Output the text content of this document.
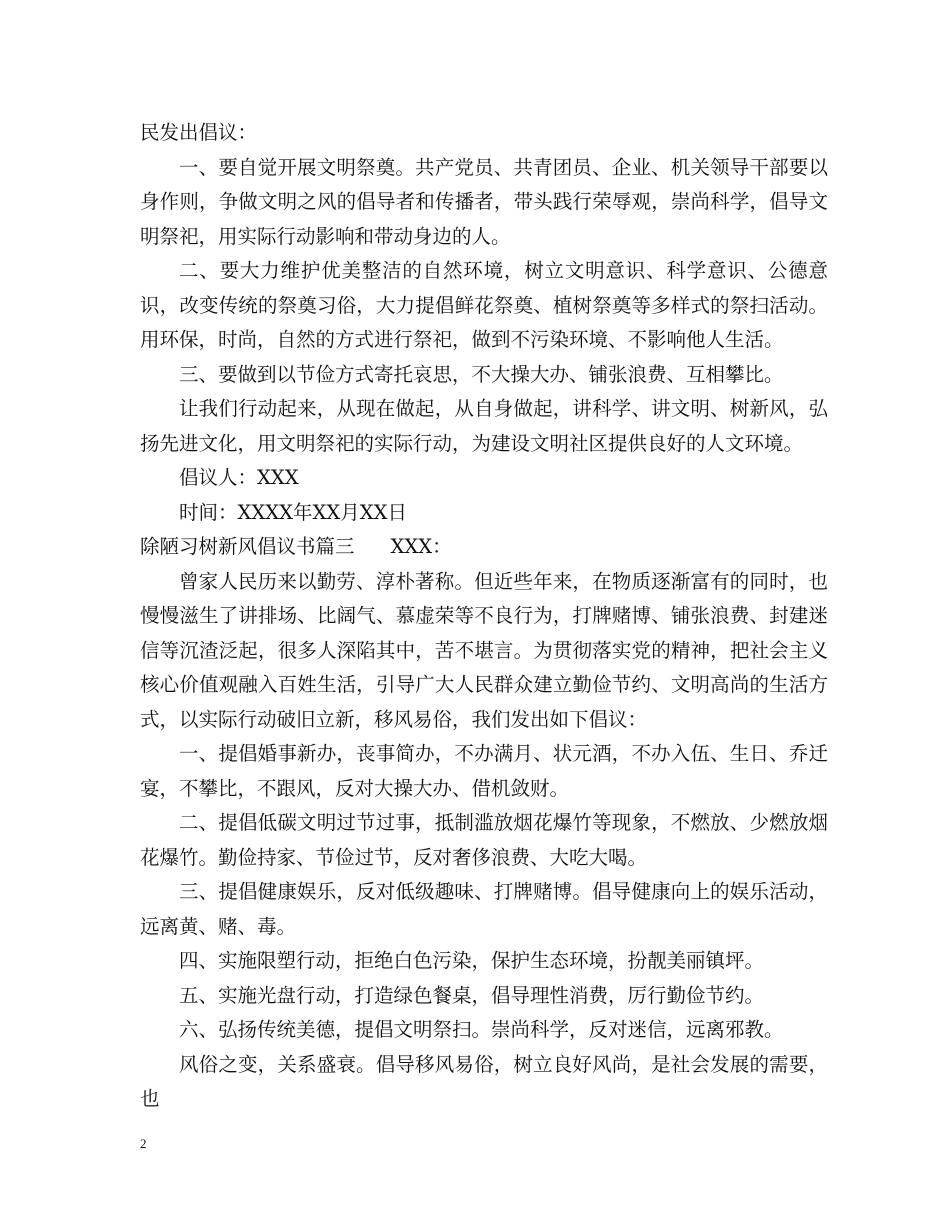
民发出倡议：

一、要自觉开展文明祭奠。共产党员、共青团员、企业、机关领导干部要以身作则，争做文明之风的倡导者和传播者，带头践行荣辱观，崇尚科学，倡导文明祭祀，用实际行动影响和带动身边的人。

二、要大力维护优美整洁的自然环境，树立文明意识、科学意识、公德意识，改变传统的祭奠习俗，大力提倡鲜花祭奠、植树祭奠等多样式的祭扫活动。用环保，时尚，自然的方式进行祭祀，做到不污染环境、不影响他人生活。

三、要做到以节俭方式寄托哀思，不大操大办、铺张浪费、互相攀比。

让我们行动起来，从现在做起，从自身做起，讲科学、讲文明、树新风，弘扬先进文化，用文明祭祀的实际行动，为建设文明社区提供良好的人文环境。

倡议人：XXX

时间：XXXX年XX月XX日

除陋习树新风倡议书篇三 XXX：

曾家人民历来以勤劳、淳朴著称。但近些年来，在物质逐渐富有的同时，也慢慢滋生了讲排场、比阔气、慕虚荣等不良行为，打牌赌博、铺张浪费、封建迷信等沉渣泛起，很多人深陷其中，苦不堪言。为贯彻落实党的精神，把社会主义核心价值观融入百姓生活，引导广大人民群众建立勤俭节约、文明高尚的生活方式，以实际行动破旧立新，移风易俗，我们发出如下倡议：

一、提倡婚事新办，丧事简办，不办满月、状元酒，不办入伍、生日、乔迁宴，不攀比，不跟风，反对大操大办、借机敛财。

二、提倡低碳文明过节过事，抵制滥放烟花爆竹等现象，不燃放、少燃放烟花爆竹。勤俭持家、节俭过节，反对奢侈浪费、大吃大喝。

三、提倡健康娱乐，反对低级趣味、打牌赌博。倡导健康向上的娱乐活动，远离黄、赌、毒。

四、实施限塑行动，拒绝白色污染，保护生态环境，扮靓美丽镇坪。

五、实施光盘行动，打造绿色餐桌，倡导理性消费，厉行勤俭节约。

六、弘扬传统美德，提倡文明祭扫。崇尚科学，反对迷信，远离邪教。

风俗之变，关系盛衰。倡导移风易俗，树立良好风尚，是社会发展的需要，也

2
